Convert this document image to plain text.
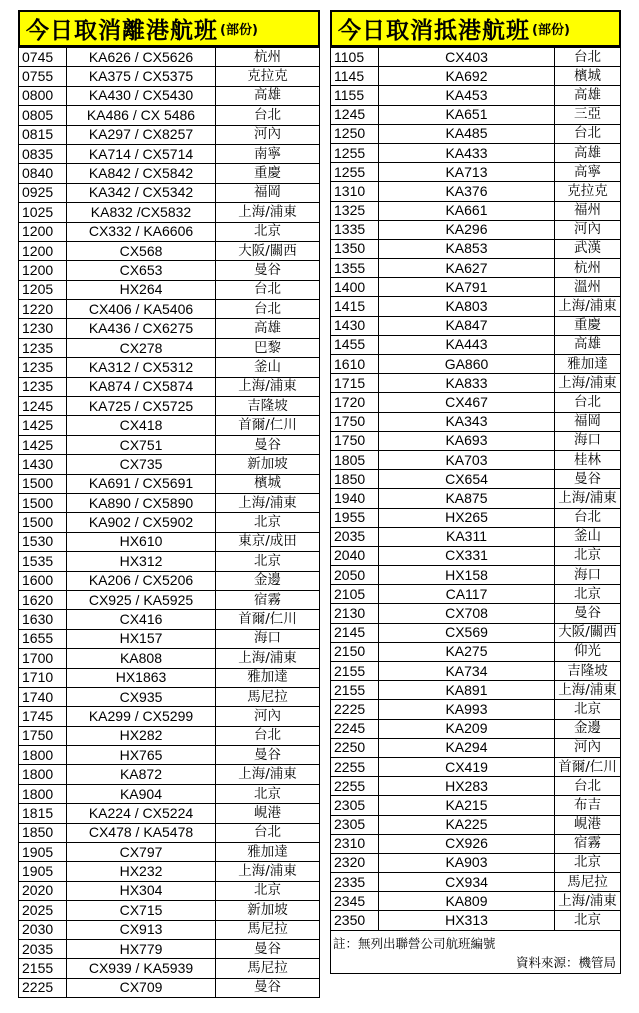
今日取消離港航班 (部份)
0745	KA626 / CX5626	杭州
0755	KA375 / CX5375	克拉克
0800	KA430 / CX5430	高雄
0805	KA486 / CX 5486	台北
0815	KA297 / CX8257	河內
0835	KA714 / CX5714	南寧
0840	KA842 / CX5842	重慶
0925	KA342 / CX5342	福岡
1025	KA832 /CX5832	上海/浦東
1200	CX332 / KA6606	北京
1200	CX568	大阪/關西
1200	CX653	曼谷
1205	HX264	台北
1220	CX406 / KA5406	台北
1230	KA436 / CX6275	高雄
1235	CX278	巴黎
1235	KA312 / CX5312	釜山
1235	KA874 / CX5874	上海/浦東
1245	KA725 / CX5725	吉隆坡
1425	CX418	首爾/仁川
1425	CX751	曼谷
1430	CX735	新加坡
1500	KA691 / CX5691	檳城
1500	KA890 / CX5890	上海/浦東
1500	KA902 / CX5902	北京
1530	HX610	東京/成田
1535	HX312	北京
1600	KA206 / CX5206	金邊
1620	CX925 / KA5925	宿霧
1630	CX416	首爾/仁川
1655	HX157	海口
1700	KA808	上海/浦東
1710	HX1863	雅加達
1740	CX935	馬尼拉
1745	KA299 / CX5299	河內
1750	HX282	台北
1800	HX765	曼谷
1800	KA872	上海/浦東
1800	KA904	北京
1815	KA224 / CX5224	峴港
1850	CX478 / KA5478	台北
1905	CX797	雅加達
1905	HX232	上海/浦東
2020	HX304	北京
2025	CX715	新加坡
2030	CX913	馬尼拉
2035	HX779	曼谷
2155	CX939 / KA5939	馬尼拉
2225	CX709	曼谷
今日取消抵港航班 (部份)
1105	CX403	台北
1145	KA692	檳城
1155	KA453	高雄
1245	KA651	三亞
1250	KA485	台北
1255	KA433	高雄
1255	KA713	高寧
1310	KA376	克拉克
1325	KA661	福州
1335	KA296	河內
1350	KA853	武漢
1355	KA627	杭州
1400	KA791	溫州
1415	KA803	上海/浦東
1430	KA847	重慶
1455	KA443	高雄
1610	GA860	雅加達
1715	KA833	上海/浦東
1720	CX467	台北
1750	KA343	福岡
1750	KA693	海口
1805	KA703	桂林
1850	CX654	曼谷
1940	KA875	上海/浦東
1955	HX265	台北
2035	KA311	釜山
2040	CX331	北京
2050	HX158	海口
2105	CA117	北京
2130	CX708	曼谷
2145	CX569	大阪/關西
2150	KA275	仰光
2155	KA734	吉隆坡
2155	KA891	上海/浦東
2225	KA993	北京
2245	KA209	金邊
2250	KA294	河內
2255	CX419	首爾/仁川
2255	HX283	台北
2305	KA215	布吉
2305	KA225	峴港
2310	CX926	宿霧
2320	KA903	北京
2335	CX934	馬尼拉
2345	KA809	上海/浦東
2350	HX313	北京
註：無列出聯營公司航班編號
資料來源：機管局
